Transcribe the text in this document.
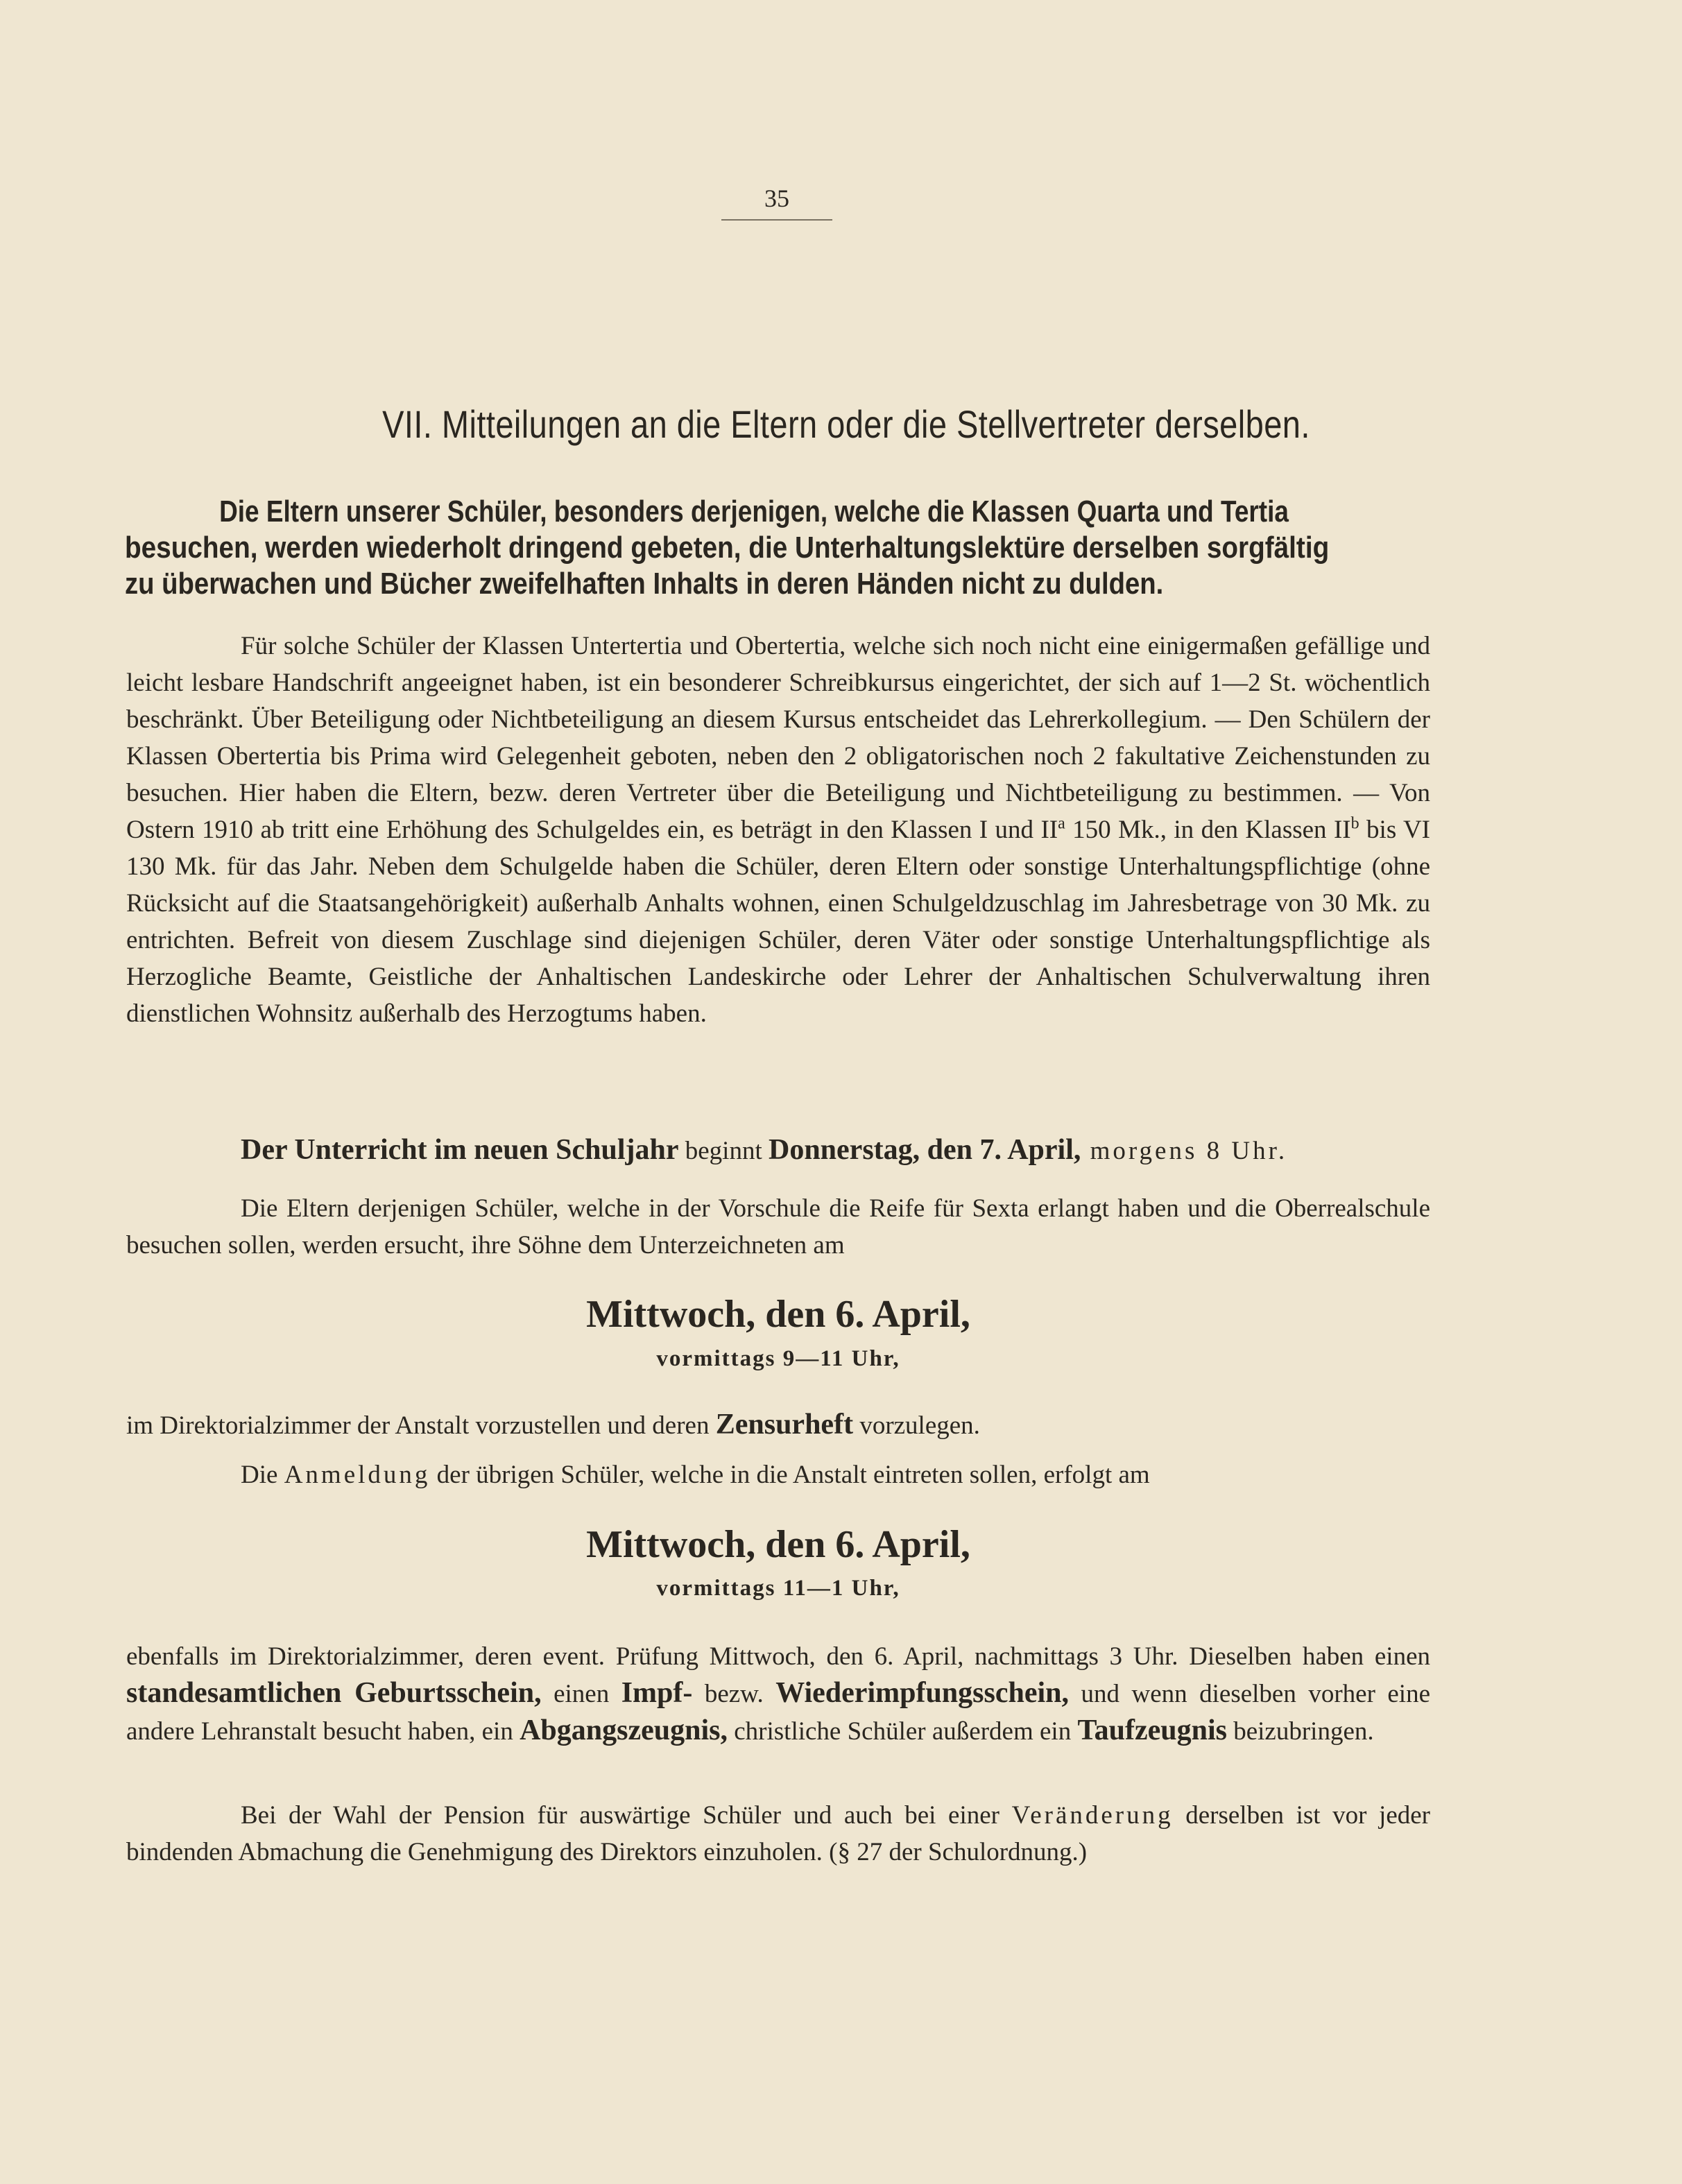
35
VII. Mitteilungen an die Eltern oder die Stellvertreter derselben.
Die Eltern unserer Schüler, besonders derjenigen, welche die Klassen Quarta und Tertia
besuchen, werden wiederholt dringend gebeten, die Unterhaltungslektüre derselben sorgfältig
zu überwachen und Bücher zweifelhaften Inhalts in deren Händen nicht zu dulden.

Für solche Schüler der Klassen Untertertia und Obertertia, welche sich noch nicht eine einigermaßen gefällige und leicht lesbare Handschrift angeeignet haben, ist ein besonderer Schreibkursus eingerichtet, der sich auf 1—2 St. wöchentlich beschränkt. Über Beteiligung oder Nichtbeteiligung an diesem Kursus entscheidet das Lehrerkollegium. — Den Schülern der Klassen Obertertia bis Prima wird Gelegenheit geboten, neben den 2 obligatorischen noch 2 fakultative Zeichenstunden zu besuchen. Hier haben die Eltern, bezw. deren Vertreter über die Beteiligung und Nichtbeteiligung zu bestimmen. — Von Ostern 1910 ab tritt eine Erhöhung des Schulgeldes ein, es beträgt in den Klassen I und $II^a$ 150 Mk., in den Klassen $II^b$ bis VI 130 Mk. für das Jahr. Neben dem Schulgelde haben die Schüler, deren Eltern oder sonstige Unterhaltungspflichtige (ohne Rücksicht auf die Staatsangehörigkeit) außerhalb Anhalts wohnen, einen Schulgeldzuschlag im Jahresbetrage von 30 Mk. zu entrichten. Befreit von diesem Zuschlage sind diejenigen Schüler, deren Väter oder sonstige Unterhaltungspflichtige als Herzogliche Beamte, Geistliche der Anhaltischen Landeskirche oder Lehrer der Anhaltischen Schulverwaltung ihren dienstlichen Wohnsitz außerhalb des Herzogtums haben.

Der Unterricht im neuen Schuljahr beginnt Donnerstag, den 7. April, morgens 8 Uhr.

Die Eltern derjenigen Schüler, welche in der Vorschule die Reife für Sexta erlangt haben und die Oberrealschule besuchen sollen, werden ersucht, ihre Söhne dem Unterzeichneten am

Mittwoch, den 6. April,
vormittags 9—11 Uhr,

im Direktorialzimmer der Anstalt vorzustellen und deren Zensurheft vorzulegen.

Die Anmeldung der übrigen Schüler, welche in die Anstalt eintreten sollen, erfolgt am

Mittwoch, den 6. April,
vormittags 11—1 Uhr,

ebenfalls im Direktorialzimmer, deren event. Prüfung Mittwoch, den 6. April, nachmittags 3 Uhr. Dieselben haben einen standesamtlichen Geburtsschein, einen Impf- bezw. Wiederimpfungsschein, und wenn dieselben vorher eine andere Lehranstalt besucht haben, ein Abgangszeugnis, christliche Schüler außerdem ein Taufzeugnis beizubringen.

Bei der Wahl der Pension für auswärtige Schüler und auch bei einer Veränderung derselben ist vor jeder bindenden Abmachung die Genehmigung des Direktors einzuholen. (§ 27 der Schulordnung.)
